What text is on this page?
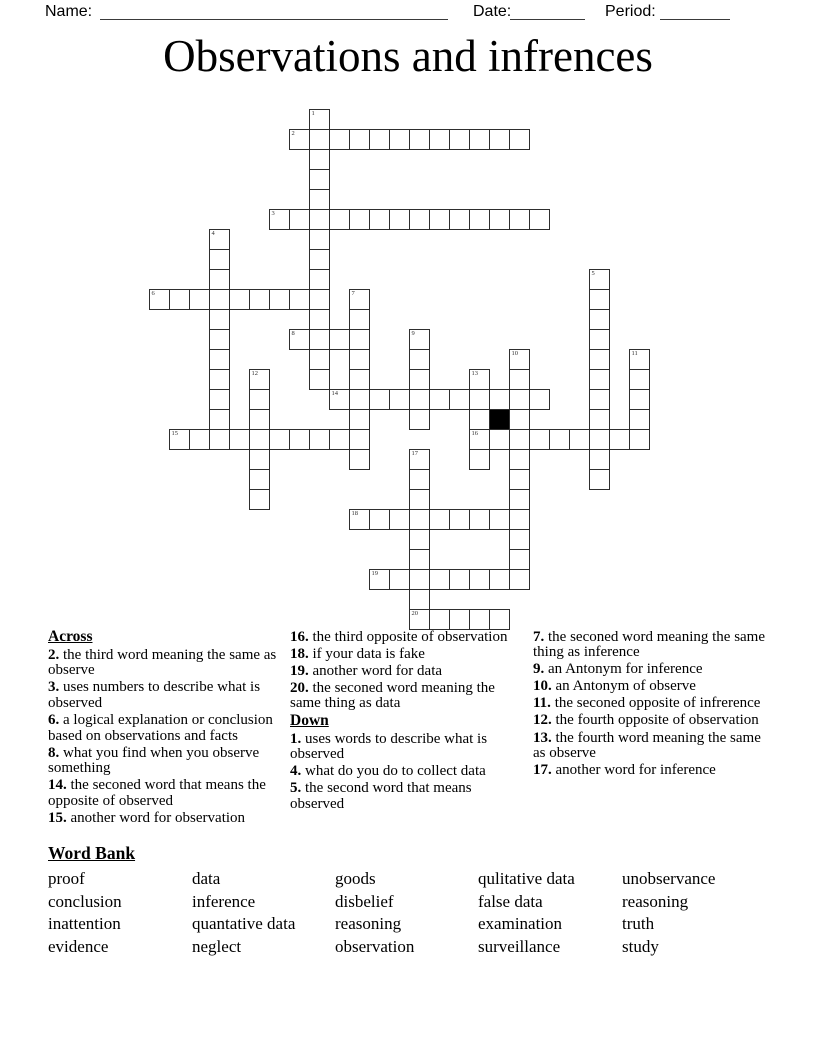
Name:	Date:	Period:
Observations and infrences
1
2
3
4
5
6	7
8	9
10	11
12	13
16
14
15
17
20
18
19
Across
2. the third word meaning the same as observe
3. uses numbers to describe what is observed
6. a logical explanation or conclusion based on observations and facts
8. what you find when you observe something
14. the seconed word that means the opposite of observed
15. another word for observation
16. the third opposite of observation
18. if your data is fake
19. another word for data
20. the seconed word meaning the same thing as data
Down
1. uses words to describe what is observed
4. what do you do to collect data
5. the second word that means observed
7. the seconed word meaning the same thing as inference
9. an Antonym for inference
10. an Antonym of observe
11. the seconed opposite of infrerence
12. the fourth opposite of observation
13. the fourth word meaning the same as observe
17. another word for inference
Word Bank
proof	data	goods	qulitative data	unobservance
conclusion	inference	disbelief	false data	reasoning
inattention	quantative data	reasoning	examination	truth
evidence	neglect	observation	surveillance	study
